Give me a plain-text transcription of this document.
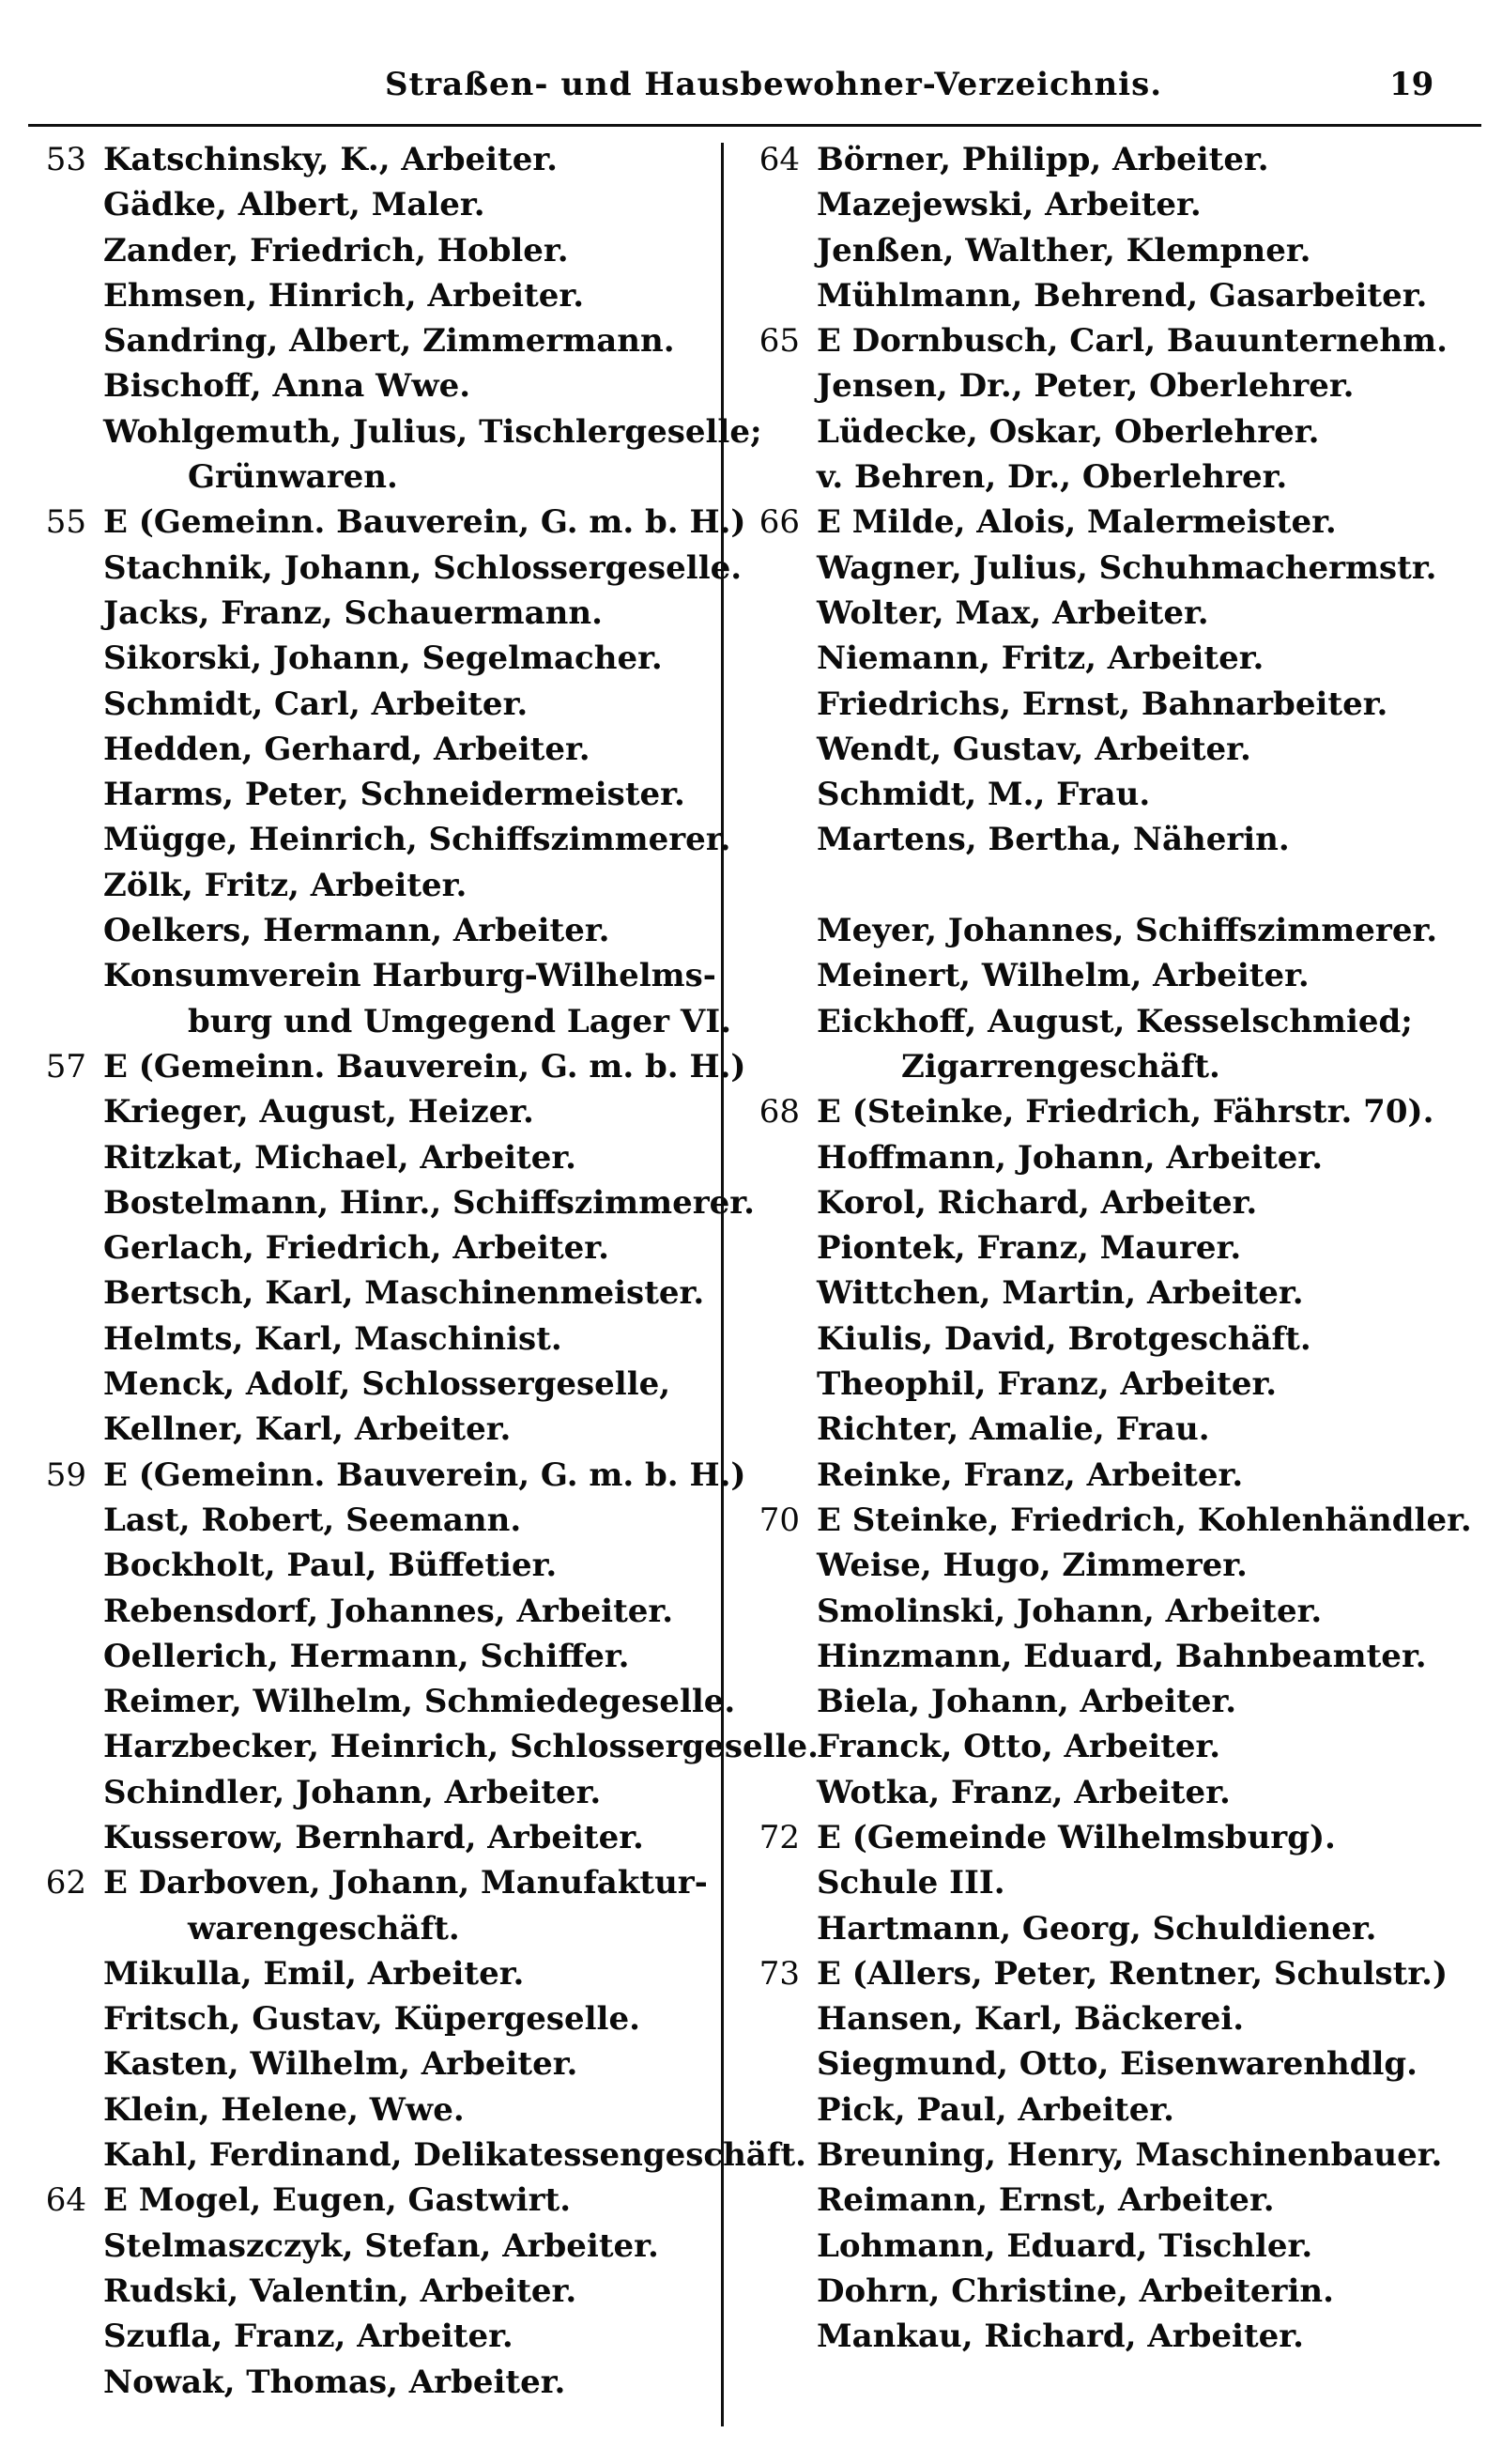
Straßen- und Hausbewohner-Verzeichnis.	19
53 Katschinsky, K., Arbeiter.
Gädke, Albert, Maler.
Zander, Friedrich, Hobler.
Ehmsen, Hinrich, Arbeiter.
Sandring, Albert, Zimmermann.
Bischoff, Anna Wwe.
Wohlgemuth, Julius, Tischlergeselle;
Grünwaren.
55 E (Gemeinn. Bauverein, G. m. b. H.)
Stachnik, Johann, Schlossergeselle.
Jacks, Franz, Schauermann.
Sikorski, Johann, Segelmacher.
Schmidt, Carl, Arbeiter.
Hedden, Gerhard, Arbeiter.
Harms, Peter, Schneidermeister.
Mügge, Heinrich, Schiffszimmerer.
Zölk, Fritz, Arbeiter.
Oelkers, Hermann, Arbeiter.
Konsumverein Harburg-Wilhelms-
burg und Umgegend Lager VI.
57 E (Gemeinn. Bauverein, G. m. b. H.)
Krieger, August, Heizer.
Ritzkat, Michael, Arbeiter.
Bostelmann, Hinr., Schiffszimmerer.
Gerlach, Friedrich, Arbeiter.
Bertsch, Karl, Maschinenmeister.
Helmts, Karl, Maschinist.
Menck, Adolf, Schlossergeselle,
Kellner, Karl, Arbeiter.
59 E (Gemeinn. Bauverein, G. m. b. H.)
Last, Robert, Seemann.
Bockholt, Paul, Büffetier.
Rebensdorf, Johannes, Arbeiter.
Oellerich, Hermann, Schiffer.
Reimer, Wilhelm, Schmiedegeselle.
Harzbecker, Heinrich, Schlossergeselle.
Schindler, Johann, Arbeiter.
Kusserow, Bernhard, Arbeiter.
62 E Darboven, Johann, Manufaktur-
warengeschäft.
Mikulla, Emil, Arbeiter.
Fritsch, Gustav, Küpergeselle.
Kasten, Wilhelm, Arbeiter.
Klein, Helene, Wwe.
Kahl, Ferdinand, Delikatessengeschäft.
64 E Mogel, Eugen, Gastwirt.
Stelmaszczyk, Stefan, Arbeiter.
Rudski, Valentin, Arbeiter.
Szufla, Franz, Arbeiter.
Nowak, Thomas, Arbeiter.
64 Börner, Philipp, Arbeiter.
Mazejewski, Arbeiter.
Jenßen, Walther, Klempner.
Mühlmann, Behrend, Gasarbeiter.
65 E Dornbusch, Carl, Bauunternehm.
Jensen, Dr., Peter, Oberlehrer.
Lüdecke, Oskar, Oberlehrer.
v. Behren, Dr., Oberlehrer.
66 E Milde, Alois, Malermeister.
Wagner, Julius, Schuhmachermstr.
Wolter, Max, Arbeiter.
Niemann, Fritz, Arbeiter.
Friedrichs, Ernst, Bahnarbeiter.
Wendt, Gustav, Arbeiter.
Schmidt, M., Frau.
Martens, Bertha, Näherin.
Meyer, Johannes, Schiffszimmerer.
Meinert, Wilhelm, Arbeiter.
Eickhoff, August, Kesselschmied;
Zigarrengeschäft.
68 E (Steinke, Friedrich, Fährstr. 70).
Hoffmann, Johann, Arbeiter.
Korol, Richard, Arbeiter.
Piontek, Franz, Maurer.
Wittchen, Martin, Arbeiter.
Kiulis, David, Brotgeschäft.
Theophil, Franz, Arbeiter.
Richter, Amalie, Frau.
Reinke, Franz, Arbeiter.
70 E Steinke, Friedrich, Kohlenhändler.
Weise, Hugo, Zimmerer.
Smolinski, Johann, Arbeiter.
Hinzmann, Eduard, Bahnbeamter.
Biela, Johann, Arbeiter.
Franck, Otto, Arbeiter.
Wotka, Franz, Arbeiter.
72 E (Gemeinde Wilhelmsburg).
Schule III.
Hartmann, Georg, Schuldiener.
73 E (Allers, Peter, Rentner, Schulstr.)
Hansen, Karl, Bäckerei.
Siegmund, Otto, Eisenwarenhdlg.
Pick, Paul, Arbeiter.
Breuning, Henry, Maschinenbauer.
Reimann, Ernst, Arbeiter.
Lohmann, Eduard, Tischler.
Dohrn, Christine, Arbeiterin.
Mankau, Richard, Arbeiter.
